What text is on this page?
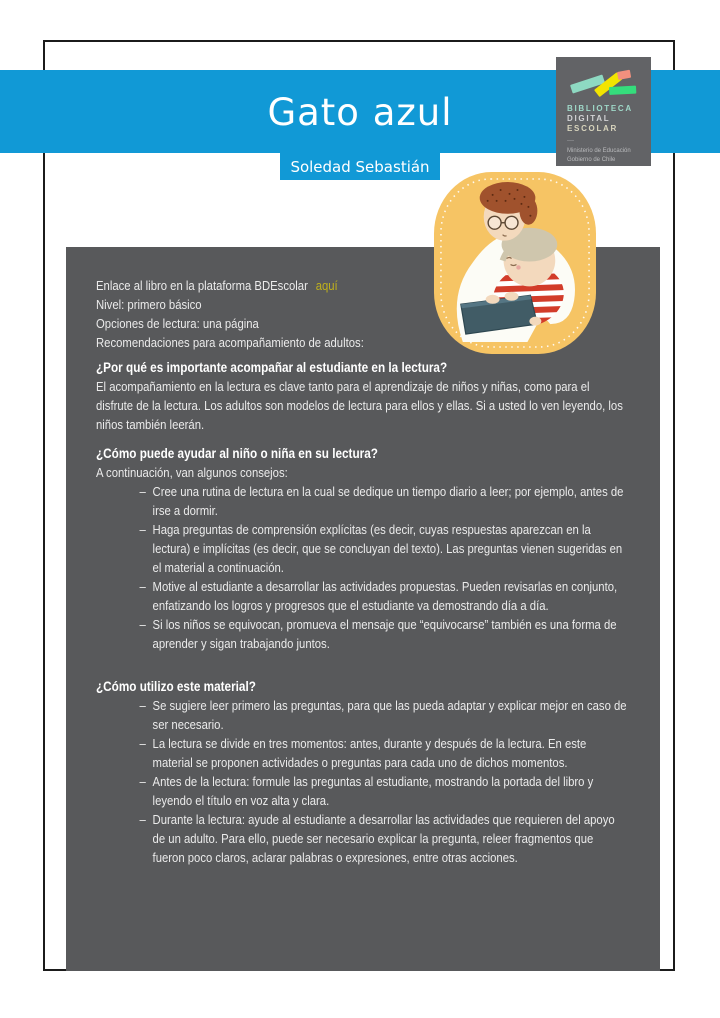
Gato azul
Soledad Sebastián
BIBLIOTECA
DIGITAL
ESCOLAR
—
Ministerio de Educación
Gobierno de Chile

Enlace al libro en la plataforma BDEscolar aquí

Nivel: primero básico

Opciones de lectura: una página

Recomendaciones para acompañamiento de adultos:

¿Por qué es importante acompañar al estudiante en la lectura?

El acompañamiento en la lectura es clave tanto para el aprendizaje de niños y niñas, como para el disfrute de la lectura. Los adultos son modelos de lectura para ellos y ellas. Si a usted lo ven leyendo, los niños también leerán.

¿Cómo puede ayudar al niño o niña en su lectura?

A continuación, van algunos consejos:

– Cree una rutina de lectura en la cual se dedique un tiempo diario a leer; por ejemplo, antes de irse a dormir.
– Haga preguntas de comprensión explícitas (es decir, cuyas respuestas aparezcan en la lectura) e implícitas (es decir, que se concluyan del texto). Las preguntas vienen sugeridas en el material a continuación.
– Motive al estudiante a desarrollar las actividades propuestas. Pueden revisarlas en conjunto, enfatizando los logros y progresos que el estudiante va demostrando día a día.
– Si los niños se equivocan, promueva el mensaje que “equivocarse” también es una forma de aprender y sigan trabajando juntos.

¿Cómo utilizo este material?

– Se sugiere leer primero las preguntas, para que las pueda adaptar y explicar mejor en caso de ser necesario.
– La lectura se divide en tres momentos: antes, durante y después de la lectura. En este material se proponen actividades o preguntas para cada uno de dichos momentos.
– Antes de la lectura: formule las preguntas al estudiante, mostrando la portada del libro y leyendo el título en voz alta y clara.
– Durante la lectura: ayude al estudiante a desarrollar las actividades que requieren del apoyo de un adulto. Para ello, puede ser necesario explicar la pregunta, releer fragmentos que fueron poco claros, aclarar palabras o expresiones, entre otras acciones.
